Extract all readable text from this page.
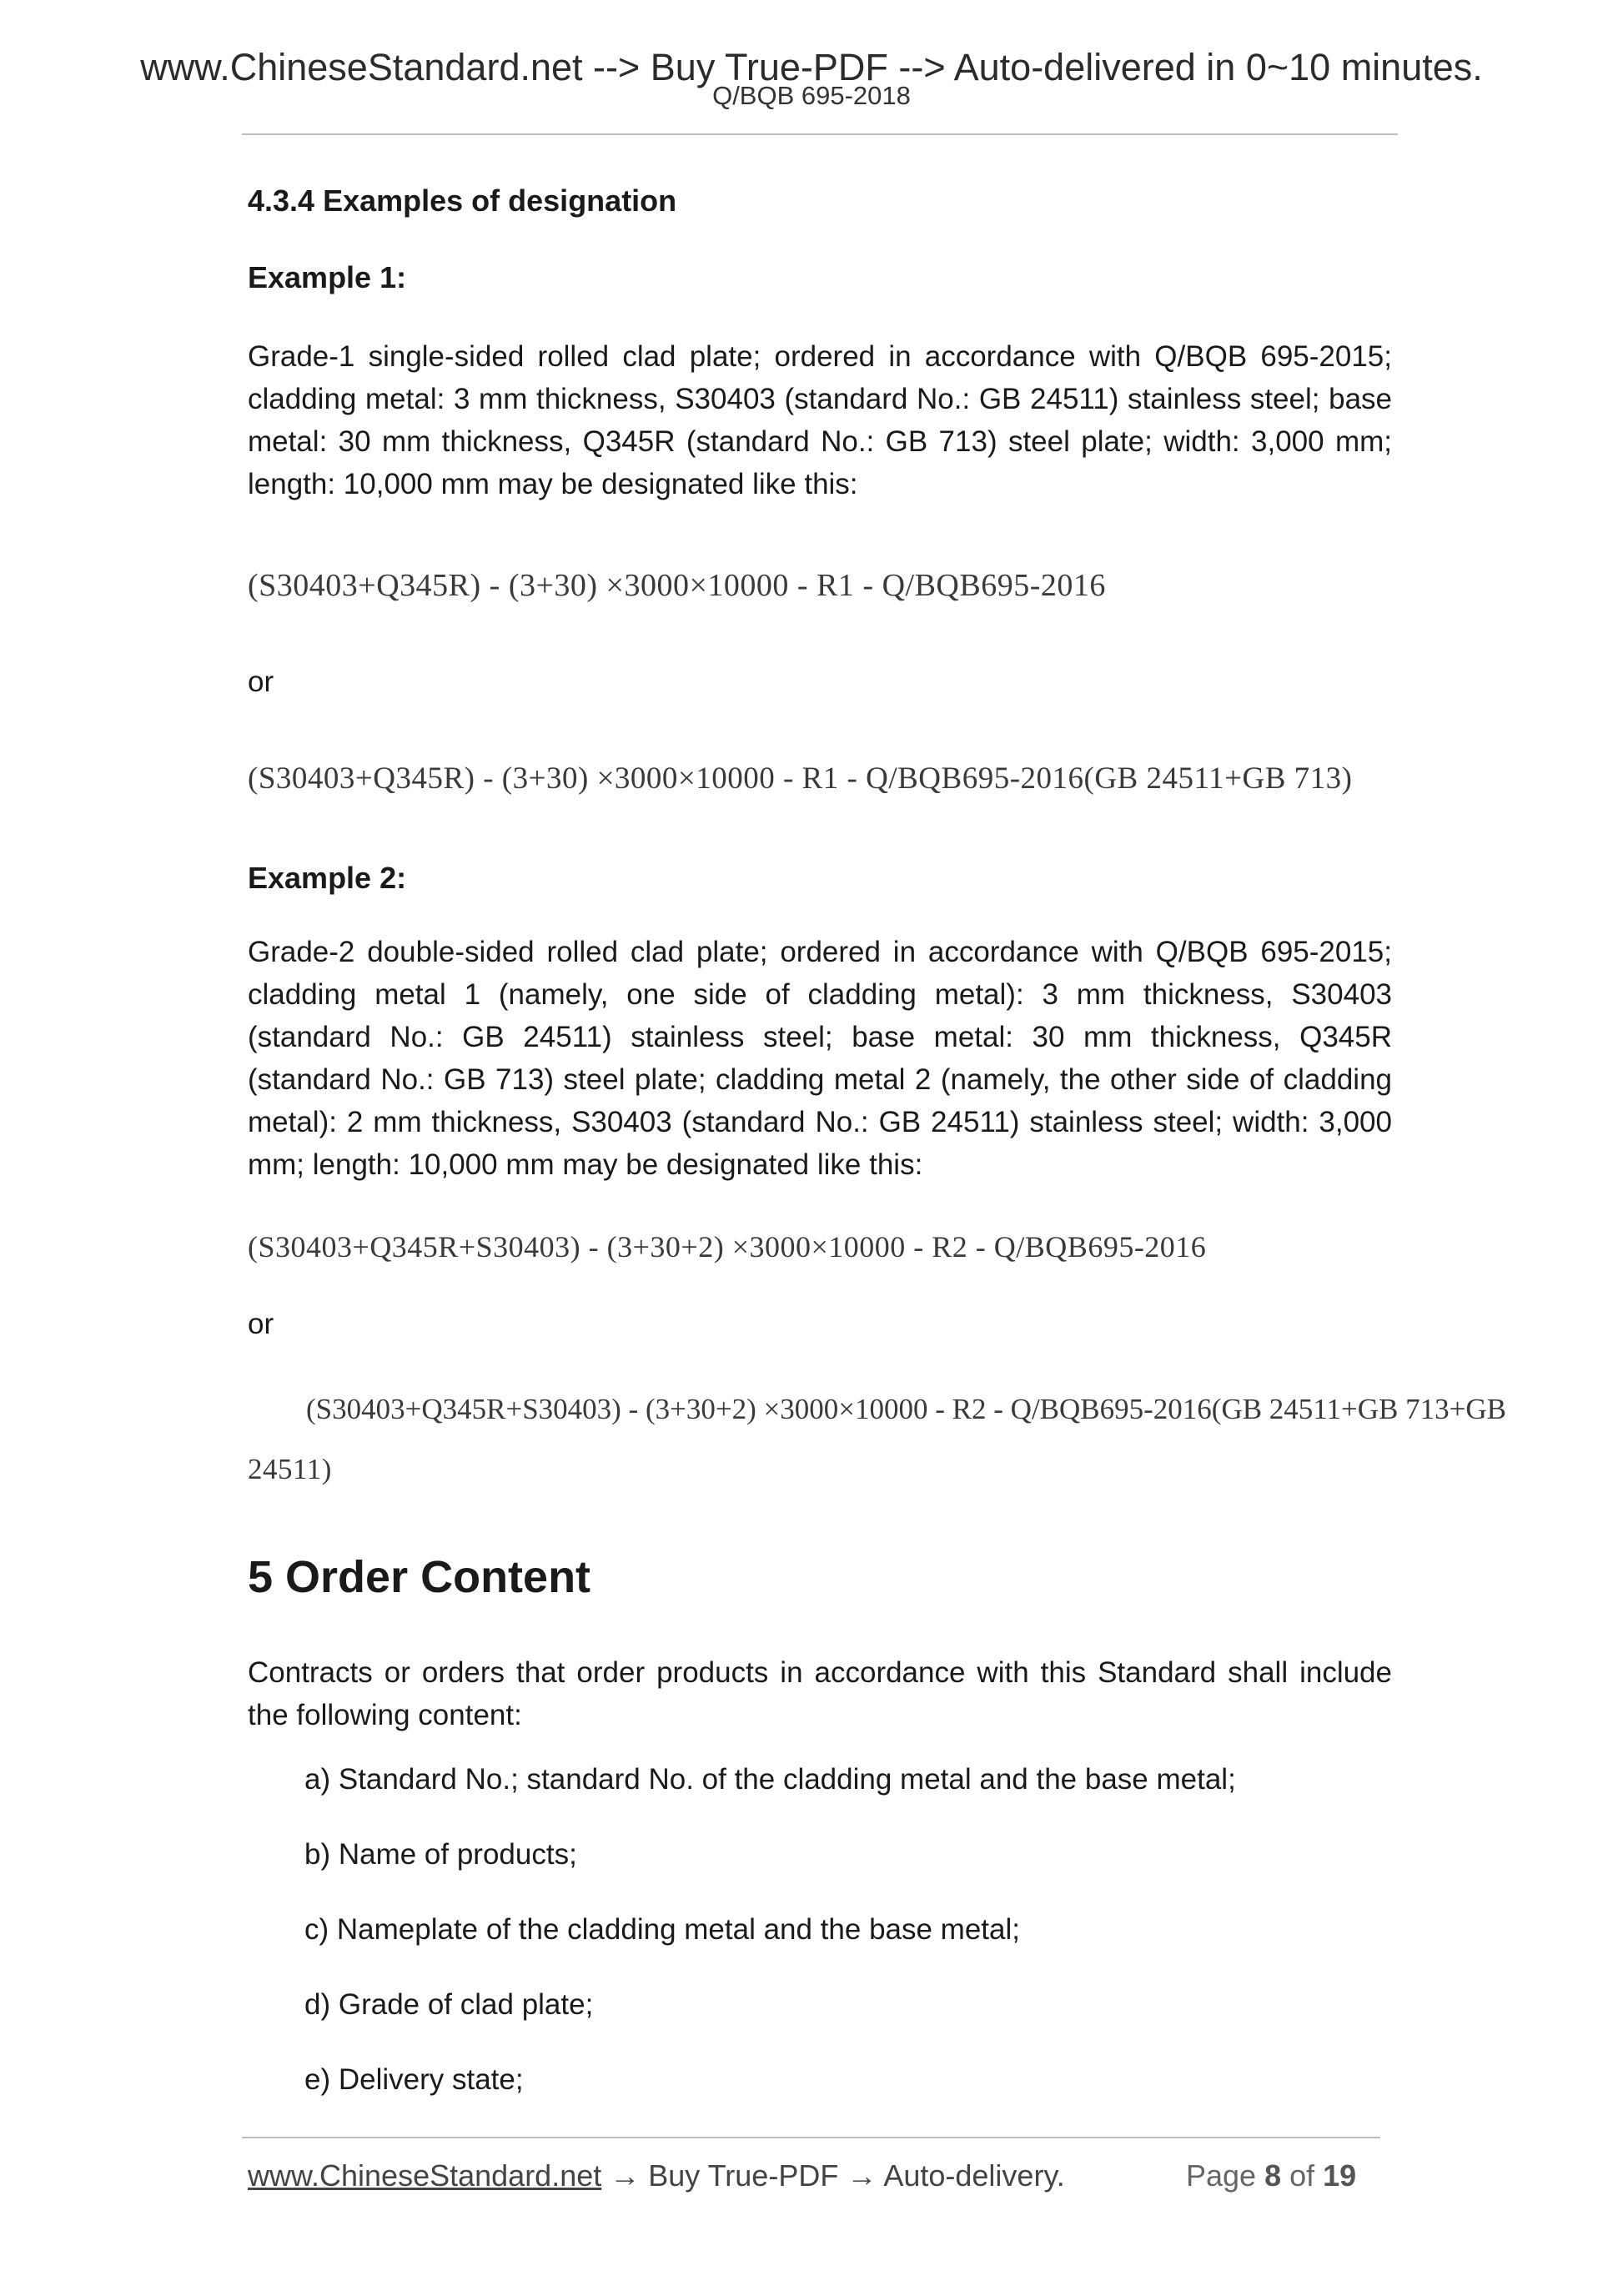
www.ChineseStandard.net --> Buy True-PDF --> Auto-delivered in 0~10 minutes.
Q/BQB 695-2018
4.3.4 Examples of designation
Example 1:

Grade-1 single-sided rolled clad plate; ordered in accordance with Q/BQB 695-2015; cladding metal: 3 mm thickness, S30403 (standard No.: GB 24511) stainless steel; base metal: 30 mm thickness, Q345R (standard No.: GB 713) steel plate; width: 3,000 mm; length: 10,000 mm may be designated like this:

(S30403+Q345R) - (3+30) ×3000×10000 - R1 - Q/BQB695-2016
or
(S30403+Q345R) - (3+30) ×3000×10000 - R1 - Q/BQB695-2016(GB 24511+GB 713)
Example 2:

Grade-2 double-sided rolled clad plate; ordered in accordance with Q/BQB 695-2015; cladding metal 1 (namely, one side of cladding metal): 3 mm thickness, S30403 (standard No.: GB 24511) stainless steel; base metal: 30 mm thickness, Q345R (standard No.: GB 713) steel plate; cladding metal 2 (namely, the other side of cladding metal): 2 mm thickness, S30403 (standard No.: GB 24511) stainless steel; width: 3,000 mm; length: 10,000 mm may be designated like this:

(S30403+Q345R+S30403) - (3+30+2) ×3000×10000 - R2 - Q/BQB695-2016
or
(S30403+Q345R+S30403) - (3+30+2) ×3000×10000 - R2 - Q/BQB695-2016(GB 24511+GB 713+GB
24511)
5 Order Content

Contracts or orders that order products in accordance with this Standard shall include the following content:

a) Standard No.; standard No. of the cladding metal and the base metal;
b) Name of products;
c) Nameplate of the cladding metal and the base metal;
d) Grade of clad plate;
e) Delivery state;
www.ChineseStandard.net → Buy True-PDF → Auto-delivery.	Page 8 of 19
